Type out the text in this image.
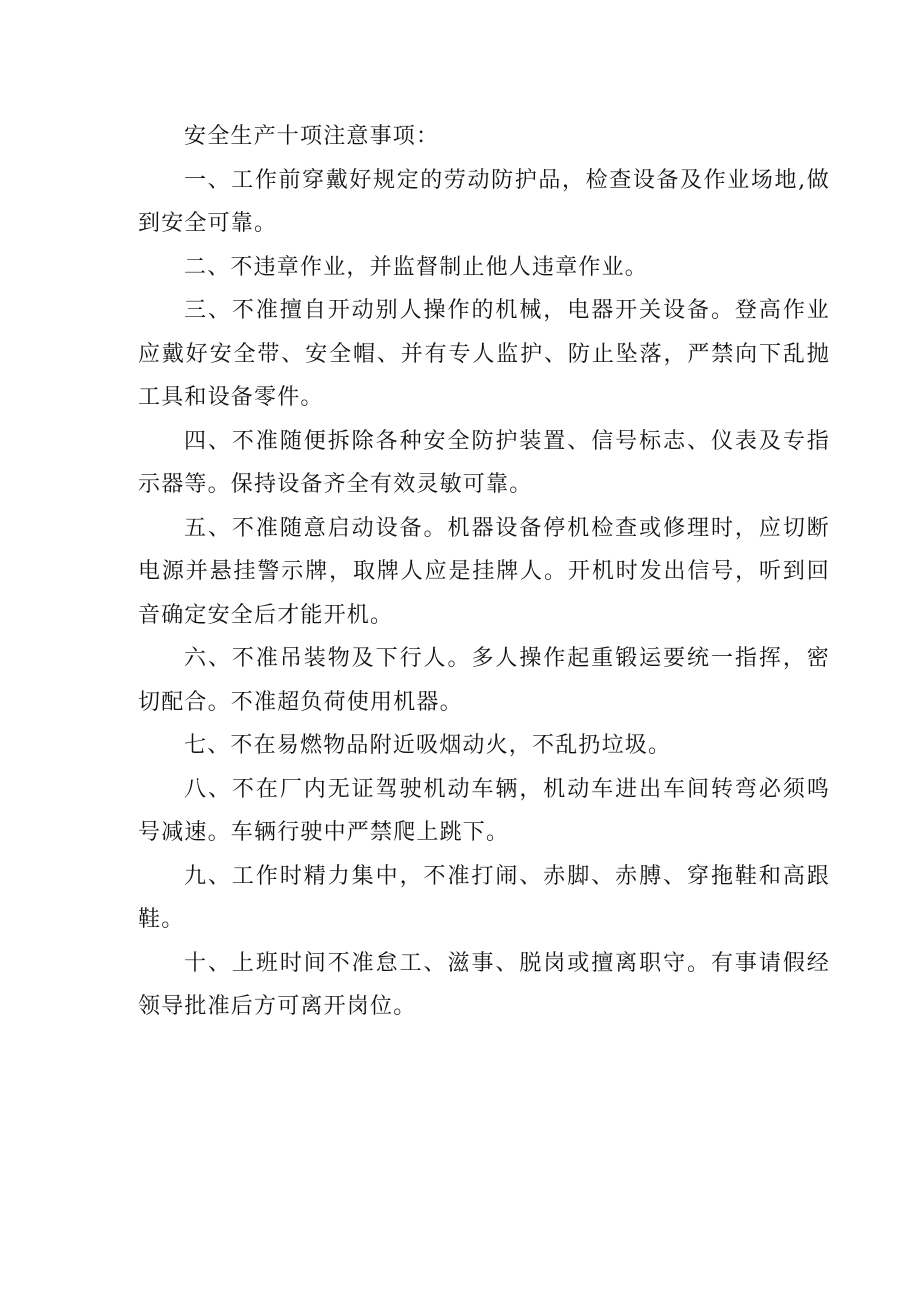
安全生产十项注意事项：

一、工作前穿戴好规定的劳动防护品，检查设备及作业场地,做到安全可靠。

二、不违章作业，并监督制止他人违章作业。

三、不准擅自开动别人操作的机械，电器开关设备。登高作业应戴好安全带、安全帽、并有专人监护、防止坠落，严禁向下乱抛工具和设备零件。

四、不准随便拆除各种安全防护装置、信号标志、仪表及专指示器等。保持设备齐全有效灵敏可靠。

五、不准随意启动设备。机器设备停机检查或修理时，应切断电源并悬挂警示牌，取牌人应是挂牌人。开机时发出信号，听到回音确定安全后才能开机。

六、不准吊装物及下行人。多人操作起重锻运要统一指挥，密切配合。不准超负荷使用机器。

七、不在易燃物品附近吸烟动火，不乱扔垃圾。

八、不在厂内无证驾驶机动车辆，机动车进出车间转弯必须鸣号减速。车辆行驶中严禁爬上跳下。

九、工作时精力集中，不准打闹、赤脚、赤膊、穿拖鞋和高跟鞋。

十、上班时间不准怠工、滋事、脱岗或擅离职守。有事请假经领导批准后方可离开岗位。
